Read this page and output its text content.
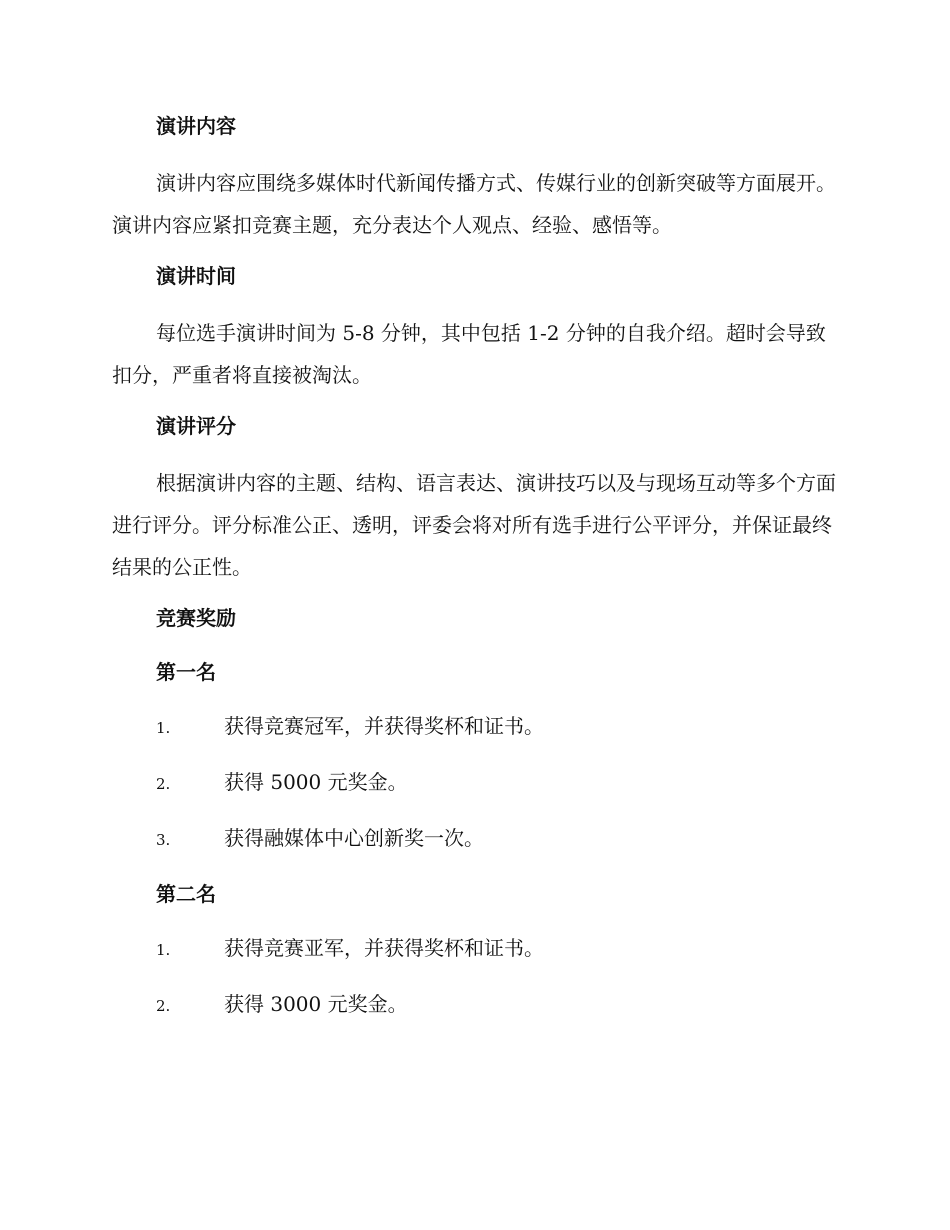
演讲内容

演讲内容应围绕多媒体时代新闻传播方式、传媒行业的创新突破等方面展开。演讲内容应紧扣竞赛主题，充分表达个人观点、经验、感悟等。

演讲时间

每位选手演讲时间为 5-8 分钟，其中包括 1-2 分钟的自我介绍。超时会导致扣分，严重者将直接被淘汰。

演讲评分

根据演讲内容的主题、结构、语言表达、演讲技巧以及与现场互动等多个方面进行评分。评分标准公正、透明，评委会将对所有选手进行公平评分，并保证最终结果的公正性。

竞赛奖励
第一名
1.	获得竞赛冠军，并获得奖杯和证书。
2.	获得 5000 元奖金。
3.	获得融媒体中心创新奖一次。
第二名
1.	获得竞赛亚军，并获得奖杯和证书。
2.	获得 3000 元奖金。
